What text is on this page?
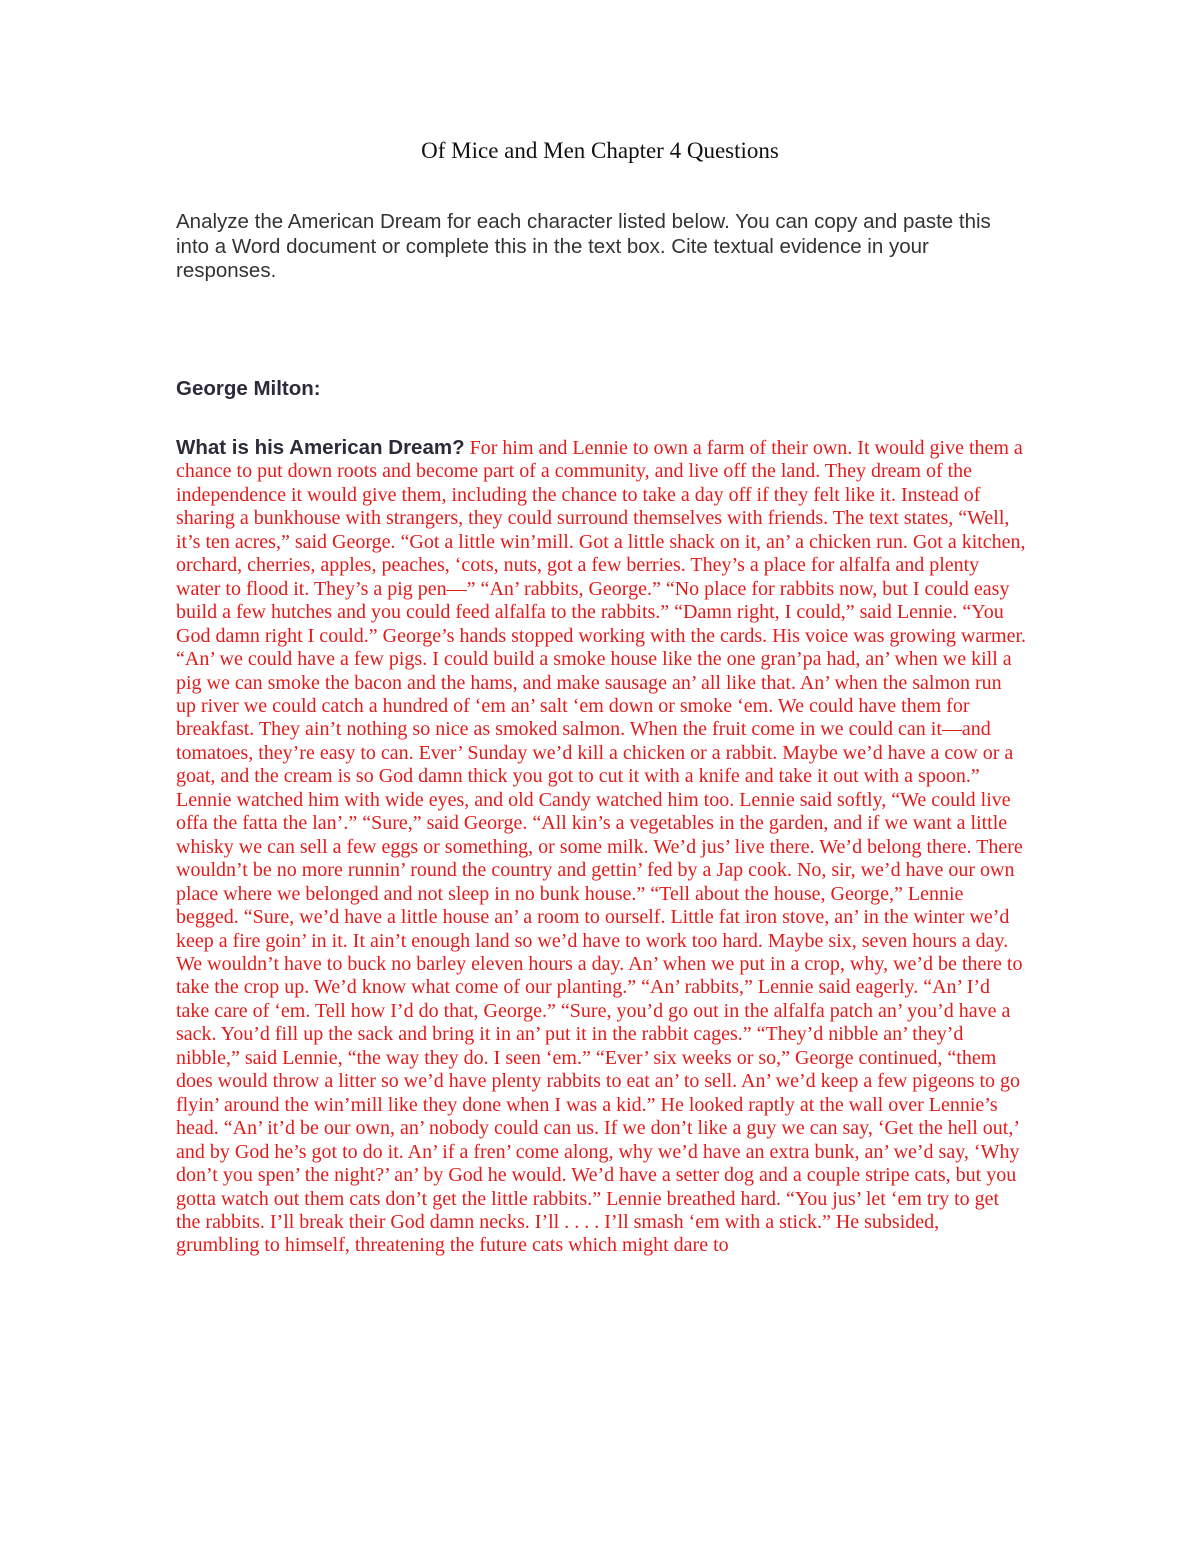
Of Mice and Men Chapter 4 Questions

Analyze the American Dream for each character listed below. You can copy and paste this into a Word document or complete this in the text box. Cite textual evidence in your responses.

George Milton:

What is his American Dream? For him and Lennie to own a farm of their own. It would give them a chance to put down roots and become part of a community, and live off the land. They dream of the independence it would give them, including the chance to take a day off if they felt like it. Instead of sharing a bunkhouse with strangers, they could surround themselves with friends. The text states, “Well, it’s ten acres,” said George. “Got a little win’mill. Got a little shack on it, an’ a chicken run. Got a kitchen, orchard, cherries, apples, peaches, ‘cots, nuts, got a few berries. They’s a place for alfalfa and plenty water to flood it. They’s a pig pen—” “An’ rabbits, George.” “No place for rabbits now, but I could easy build a few hutches and you could feed alfalfa to the rabbits.” “Damn right, I could,” said Lennie. “You God damn right I could.” George’s hands stopped working with the cards. His voice was growing warmer. “An’ we could have a few pigs. I could build a smoke house like the one gran’pa had, an’ when we kill a pig we can smoke the bacon and the hams, and make sausage an’ all like that. An’ when the salmon run up river we could catch a hundred of ‘em an’ salt ‘em down or smoke ‘em. We could have them for breakfast. They ain’t nothing so nice as smoked salmon. When the fruit come in we could can it—and tomatoes, they’re easy to can. Ever’ Sunday we’d kill a chicken or a rabbit. Maybe we’d have a cow or a goat, and the cream is so God damn thick you got to cut it with a knife and take it out with a spoon.” Lennie watched him with wide eyes, and old Candy watched him too. Lennie said softly, “We could live offa the fatta the lan’.” “Sure,” said George. “All kin’s a vegetables in the garden, and if we want a little whisky we can sell a few eggs or something, or some milk. We’d jus’ live there. We’d belong there. There wouldn’t be no more runnin’ round the country and gettin’ fed by a Jap cook. No, sir, we’d have our own place where we belonged and not sleep in no bunk house.” “Tell about the house, George,” Lennie begged. “Sure, we’d have a little house an’ a room to ourself. Little fat iron stove, an’ in the winter we’d keep a fire goin’ in it. It ain’t enough land so we’d have to work too hard. Maybe six, seven hours a day. We wouldn’t have to buck no barley eleven hours a day. An’ when we put in a crop, why, we’d be there to take the crop up. We’d know what come of our planting.” “An’ rabbits,” Lennie said eagerly. “An’ I’d take care of ‘em. Tell how I’d do that, George.” “Sure, you’d go out in the alfalfa patch an’ you’d have a sack. You’d fill up the sack and bring it in an’ put it in the rabbit cages.” “They’d nibble an’ they’d nibble,” said Lennie, “the way they do. I seen ‘em.” “Ever’ six weeks or so,” George continued, “them does would throw a litter so we’d have plenty rabbits to eat an’ to sell. An’ we’d keep a few pigeons to go flyin’ around the win’mill like they done when I was a kid.” He looked raptly at the wall over Lennie’s head. “An’ it’d be our own, an’ nobody could can us. If we don’t like a guy we can say, ‘Get the hell out,’ and by God he’s got to do it. An’ if a fren’ come along, why we’d have an extra bunk, an’ we’d say, ‘Why don’t you spen’ the night?’ an’ by God he would. We’d have a setter dog and a couple stripe cats, but you gotta watch out them cats don’t get the little rabbits.” Lennie breathed hard. “You jus’ let ‘em try to get the rabbits. I’ll break their God damn necks. I’ll . . . . I’ll smash ‘em with a stick.” He subsided, grumbling to himself, threatening the future cats which might dare to
